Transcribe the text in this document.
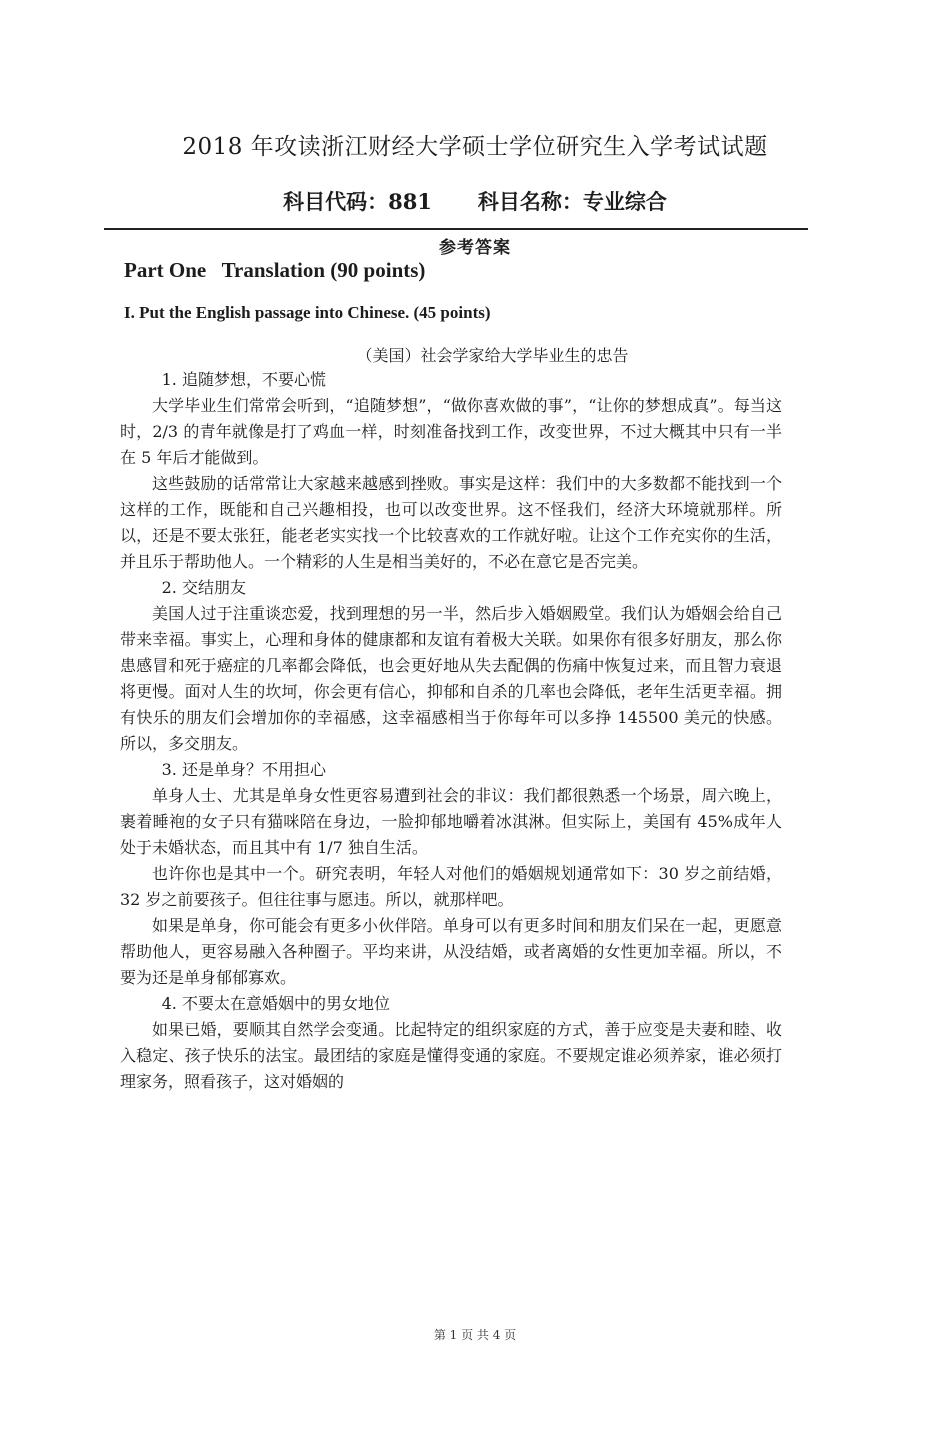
2018 年攻读浙江财经大学硕士学位研究生入学考试试题
科目代码：881 科目名称：专业综合
参考答案
Part One   Translation (90 points)
I. Put the English passage into Chinese. (45 points)
（美国）社会学家给大学毕业生的忠告

1. 追随梦想，不要心慌

大学毕业生们常常会听到，“追随梦想”，“做你喜欢做的事”，“让你的梦想成真”。每当这时，2/3 的青年就像是打了鸡血一样，时刻准备找到工作，改变世界，不过大概其中只有一半在 5 年后才能做到。

这些鼓励的话常常让大家越来越感到挫败。事实是这样：我们中的大多数都不能找到一个这样的工作，既能和自己兴趣相投，也可以改变世界。这不怪我们，经济大环境就那样。所以，还是不要太张狂，能老老实实找一个比较喜欢的工作就好啦。让这个工作充实你的生活，并且乐于帮助他人。一个精彩的人生是相当美好的，不必在意它是否完美。

2. 交结朋友

美国人过于注重谈恋爱，找到理想的另一半，然后步入婚姻殿堂。我们认为婚姻会给自己带来幸福。事实上，心理和身体的健康都和友谊有着极大关联。如果你有很多好朋友，那么你患感冒和死于癌症的几率都会降低，也会更好地从失去配偶的伤痛中恢复过来，而且智力衰退将更慢。面对人生的坎坷，你会更有信心，抑郁和自杀的几率也会降低，老年生活更幸福。拥有快乐的朋友们会增加你的幸福感，这幸福感相当于你每年可以多挣 145500 美元的快感。所以，多交朋友。

3. 还是单身？不用担心

单身人士、尤其是单身女性更容易遭到社会的非议：我们都很熟悉一个场景，周六晚上，裹着睡袍的女子只有猫咪陪在身边，一脸抑郁地嚼着冰淇淋。但实际上，美国有 45%成年人处于未婚状态，而且其中有 1/7 独自生活。

也许你也是其中一个。研究表明，年轻人对他们的婚姻规划通常如下：30 岁之前结婚，32 岁之前要孩子。但往往事与愿违。所以，就那样吧。

如果是单身，你可能会有更多小伙伴陪。单身可以有更多时间和朋友们呆在一起，更愿意帮助他人，更容易融入各种圈子。平均来讲，从没结婚，或者离婚的女性更加幸福。所以，不要为还是单身郁郁寡欢。

4. 不要太在意婚姻中的男女地位

如果已婚，要顺其自然学会变通。比起特定的组织家庭的方式，善于应变是夫妻和睦、收入稳定、孩子快乐的法宝。最团结的家庭是懂得变通的家庭。不要规定谁必须养家，谁必须打理家务，照看孩子，这对婚姻的

第 1 页 共 4 页
